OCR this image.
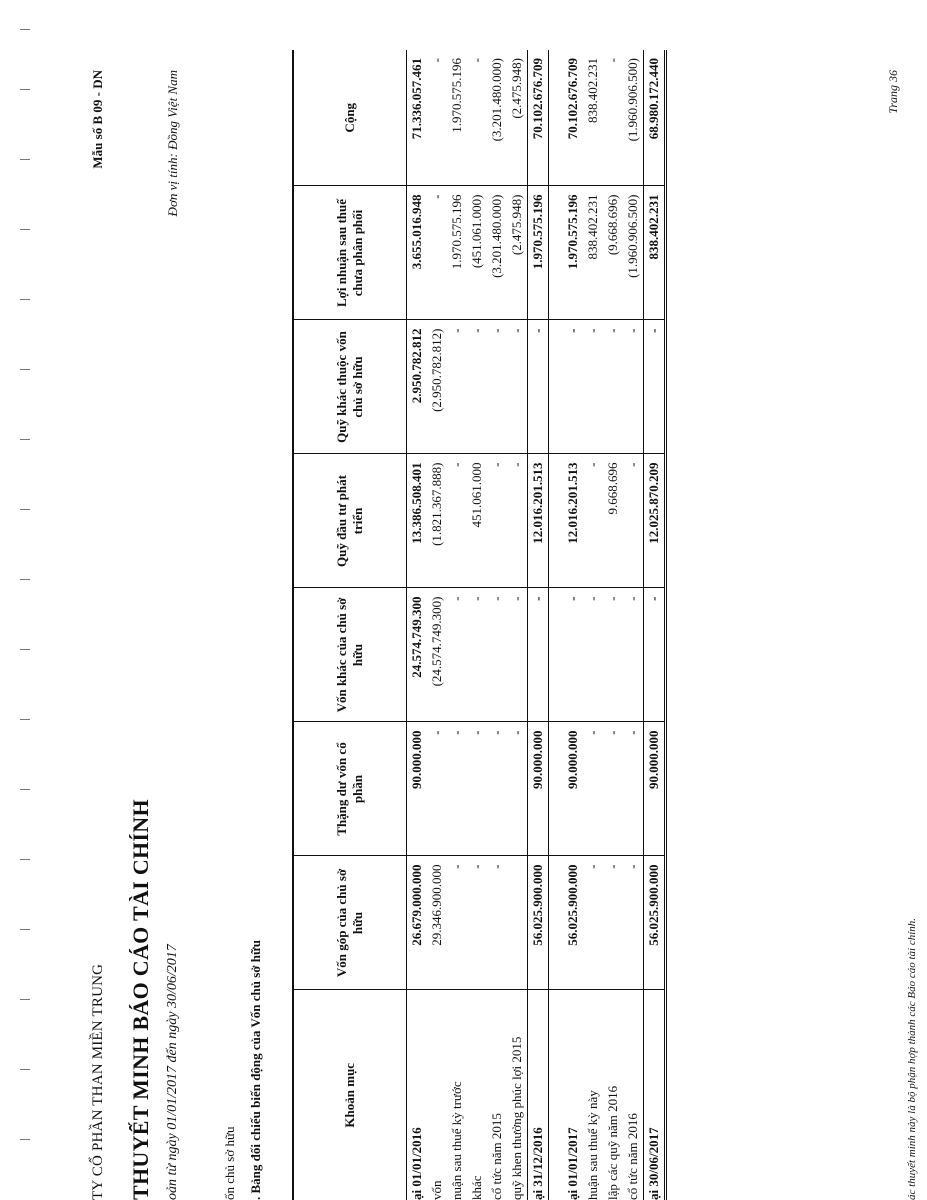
TY CỔ PHẦN THAN MIỀN TRUNG
Mẫu số B 09 - DN
THUYẾT MINH BÁO CÁO TÀI CHÍNH oản từ ngày 01/01/2017 đến ngày 30/06/2017
Đơn vị tính: Đồng Việt Nam
ốn chủ sở hữu . Bảng đối chiếu biến động của Vốn chủ sở hữu	Khoản mục	Vốn góp của chủ sở hữu	Thặng dư vốn cổ phần	Vốn khác của chủ sở hữu	Quỹ đầu tư phát triển	Quỹ khác thuộc vốn chủ sở hữu	Lợi nhuận sau thuế chưa phân phối	Cộng
ại 01/01/2016	26.679.000.000	90.000.000	24.574.749.300	13.386.508.401	2.950.782.812	3.655.016.948	71.336.057.461
vốn	29.346.900.000	-	(24.574.749.300)	(1.821.367.888)	(2.950.782.812)	-	-
nuận sau thuế kỳ trước	-	-	-	-	-	1.970.575.196	1.970.575.196
khác	-	-	-	451.061.000	-	(451.061.000)	-
cổ tức năm 2015	-	-	-	-	-	(3.201.480.000)	(3.201.480.000)
quỹ khen thưởng phúc lợi 2015		-	-	-	-	(2.475.948)	(2.475.948)
ại 31/12/2016	56.025.900.000	90.000.000	-	12.016.201.513	-	1.970.575.196	70.102.676.709
ại 01/01/2017	56.025.900.000	90.000.000	-	12.016.201.513	-	1.970.575.196	70.102.676.709
huận sau thuế kỳ này	-	-	-	-	-	838.402.231	838.402.231
lập các quỹ năm 2016	-	-	-	9.668.696	-	(9.668.696)	-
cổ tức năm 2016	-	-	-	-	-	(1.960.906.500)	(1.960.906.500)
ại 30/06/2017	56.025.900.000	90.000.000	-	12.025.870.209	-	838.402.231	68.980.172.440
ác thuyết minh này là bộ phận hợp thành các Báo cáo tài chính.
Trang 36
